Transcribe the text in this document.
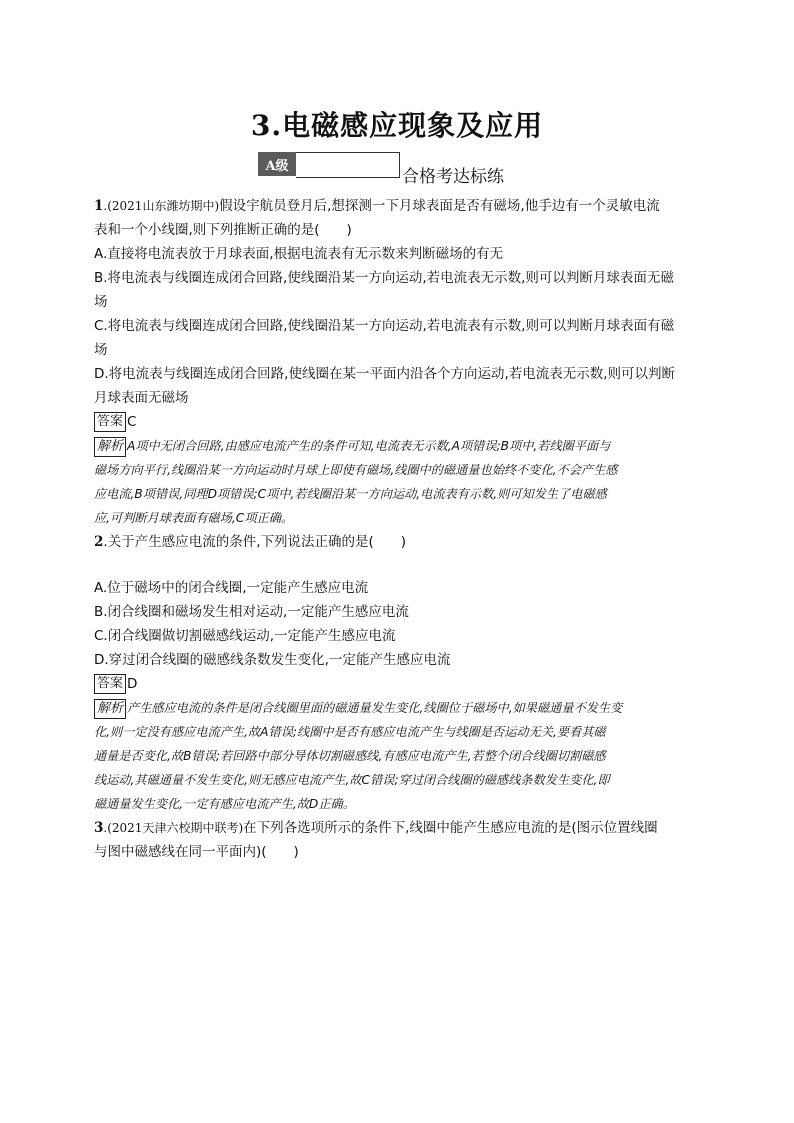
3.电磁感应现象及应用
A级
合格考达标练
1.(2021山东潍坊期中)假设宇航员登月后,想探测一下月球表面是否有磁场,他手边有一个灵敏电流
表和一个小线圈,则下列推断正确的是(　　)
A.直接将电流表放于月球表面,根据电流表有无示数来判断磁场的有无
B.将电流表与线圈连成闭合回路,使线圈沿某一方向运动,若电流表无示数,则可以判断月球表面无磁
场
C.将电流表与线圈连成闭合回路,使线圈沿某一方向运动,若电流表有示数,则可以判断月球表面有磁
场
D.将电流表与线圈连成闭合回路,使线圈在某一平面内沿各个方向运动,若电流表无示数,则可以判断
月球表面无磁场
答案 C
解析 A项中无闭合回路,由感应电流产生的条件可知,电流表无示数,A项错误;B项中,若线圈平面与
磁场方向平行,线圈沿某一方向运动时月球上即使有磁场,线圈中的磁通量也始终不变化,不会产生感
应电流,B项错误,同理D项错误;C项中,若线圈沿某一方向运动,电流表有示数,则可知发生了电磁感
应,可判断月球表面有磁场,C项正确。
2.关于产生感应电流的条件,下列说法正确的是(　　)
A.位于磁场中的闭合线圈,一定能产生感应电流
B.闭合线圈和磁场发生相对运动,一定能产生感应电流
C.闭合线圈做切割磁感线运动,一定能产生感应电流
D.穿过闭合线圈的磁感线条数发生变化,一定能产生感应电流
答案 D
解析 产生感应电流的条件是闭合线圈里面的磁通量发生变化,线圈位于磁场中,如果磁通量不发生变
化,则一定没有感应电流产生,故A错误;线圈中是否有感应电流产生与线圈是否运动无关,要看其磁
通量是否变化,故B错误;若回路中部分导体切割磁感线,有感应电流产生,若整个闭合线圈切割磁感
线运动,其磁通量不发生变化,则无感应电流产生,故C错误;穿过闭合线圈的磁感线条数发生变化,即
磁通量发生变化,一定有感应电流产生,故D正确。
3.(2021天津六校期中联考)在下列各选项所示的条件下,线圈中能产生感应电流的是(图示位置线圈
与图中磁感线在同一平面内)(　　)
